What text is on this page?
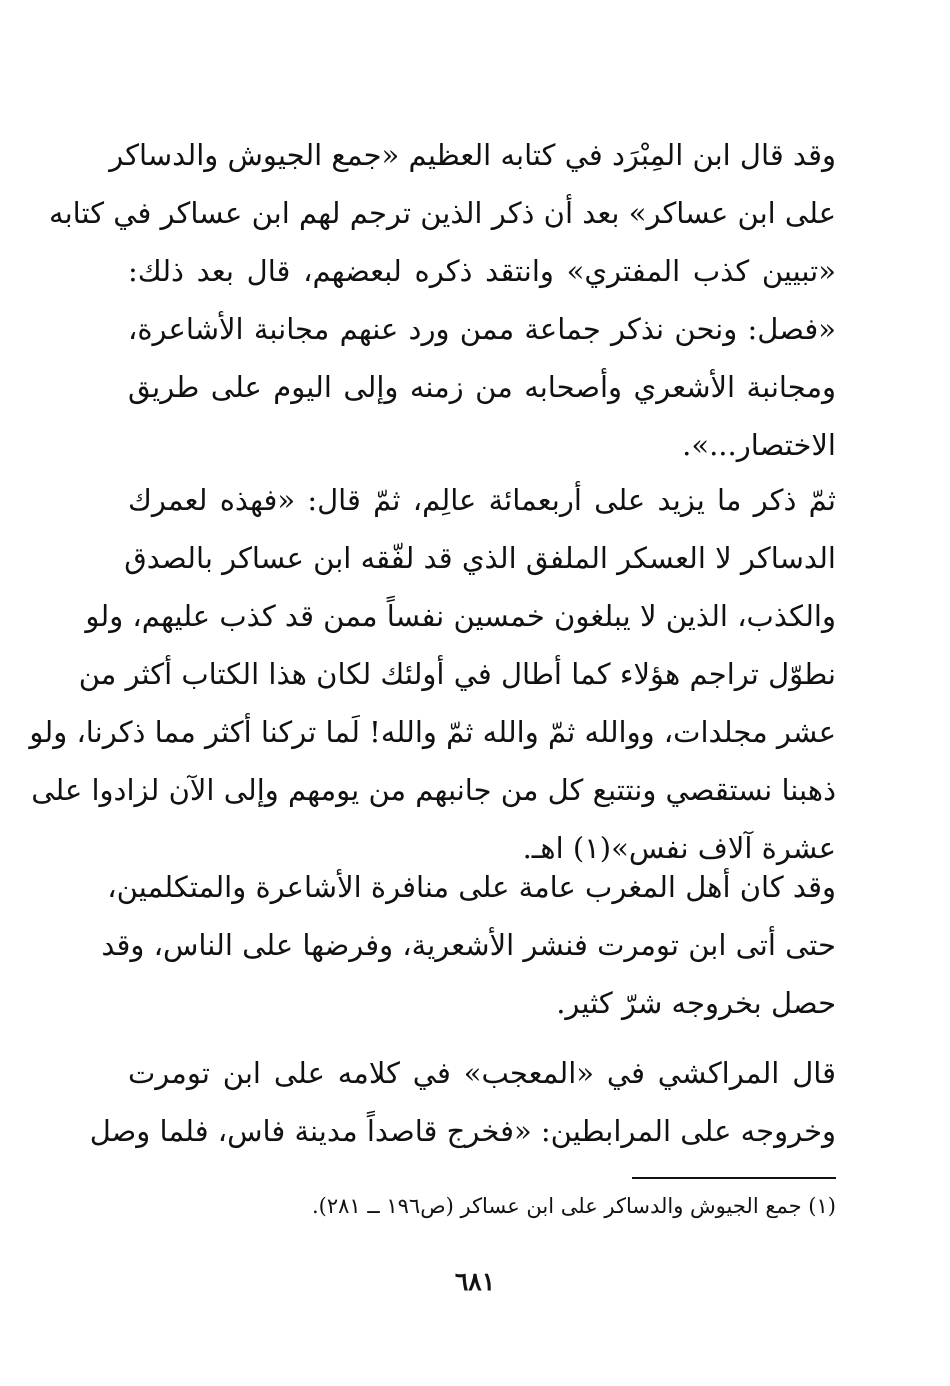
وقد قال ابن المِبْرَد في كتابه العظيم «جمع الجيوش والدساكر
على ابن عساكر» بعد أن ذكر الذين ترجم لهم ابن عساكر في كتابه
«تبيين كذب المفتري» وانتقد ذكره لبعضهم، قال بعد ذلك:
«فصل: ونحن نذكر جماعة ممن ورد عنهم مجانبة الأشاعرة،
ومجانبة الأشعري وأصحابه من زمنه وإلى اليوم على طريق
الاختصار...».
ثمّ ذكر ما يزيد على أربعمائة عالِم، ثمّ قال: «فهذه لعمرك
الدساكر لا العسكر الملفق الذي قد لفّقه ابن عساكر بالصدق
والكذب، الذين لا يبلغون خمسين نفساً ممن قد كذب عليهم، ولو
نطوّل تراجم هؤلاء كما أطال في أولئك لكان هذا الكتاب أكثر من
عشر مجلدات، ووالله ثمّ والله ثمّ والله! لَما تركنا أكثر مما ذكرنا، ولو
ذهبنا نستقصي ونتتبع كل من جانبهم من يومهم وإلى الآن لزادوا على
عشرة آلاف نفس»(١) اهـ.
وقد كان أهل المغرب عامة على منافرة الأشاعرة والمتكلمين،
حتى أتى ابن تومرت فنشر الأشعرية، وفرضها على الناس، وقد
حصل بخروجه شرّ كثير.
قال المراكشي في «المعجب» في كلامه على ابن تومرت
وخروجه على المرابطين: «فخرج قاصداً مدينة فاس، فلما وصل
(١) جمع الجيوش والدساكر على ابن عساكر (ص١٩٦ ــ ٢٨١).
٦٨١
